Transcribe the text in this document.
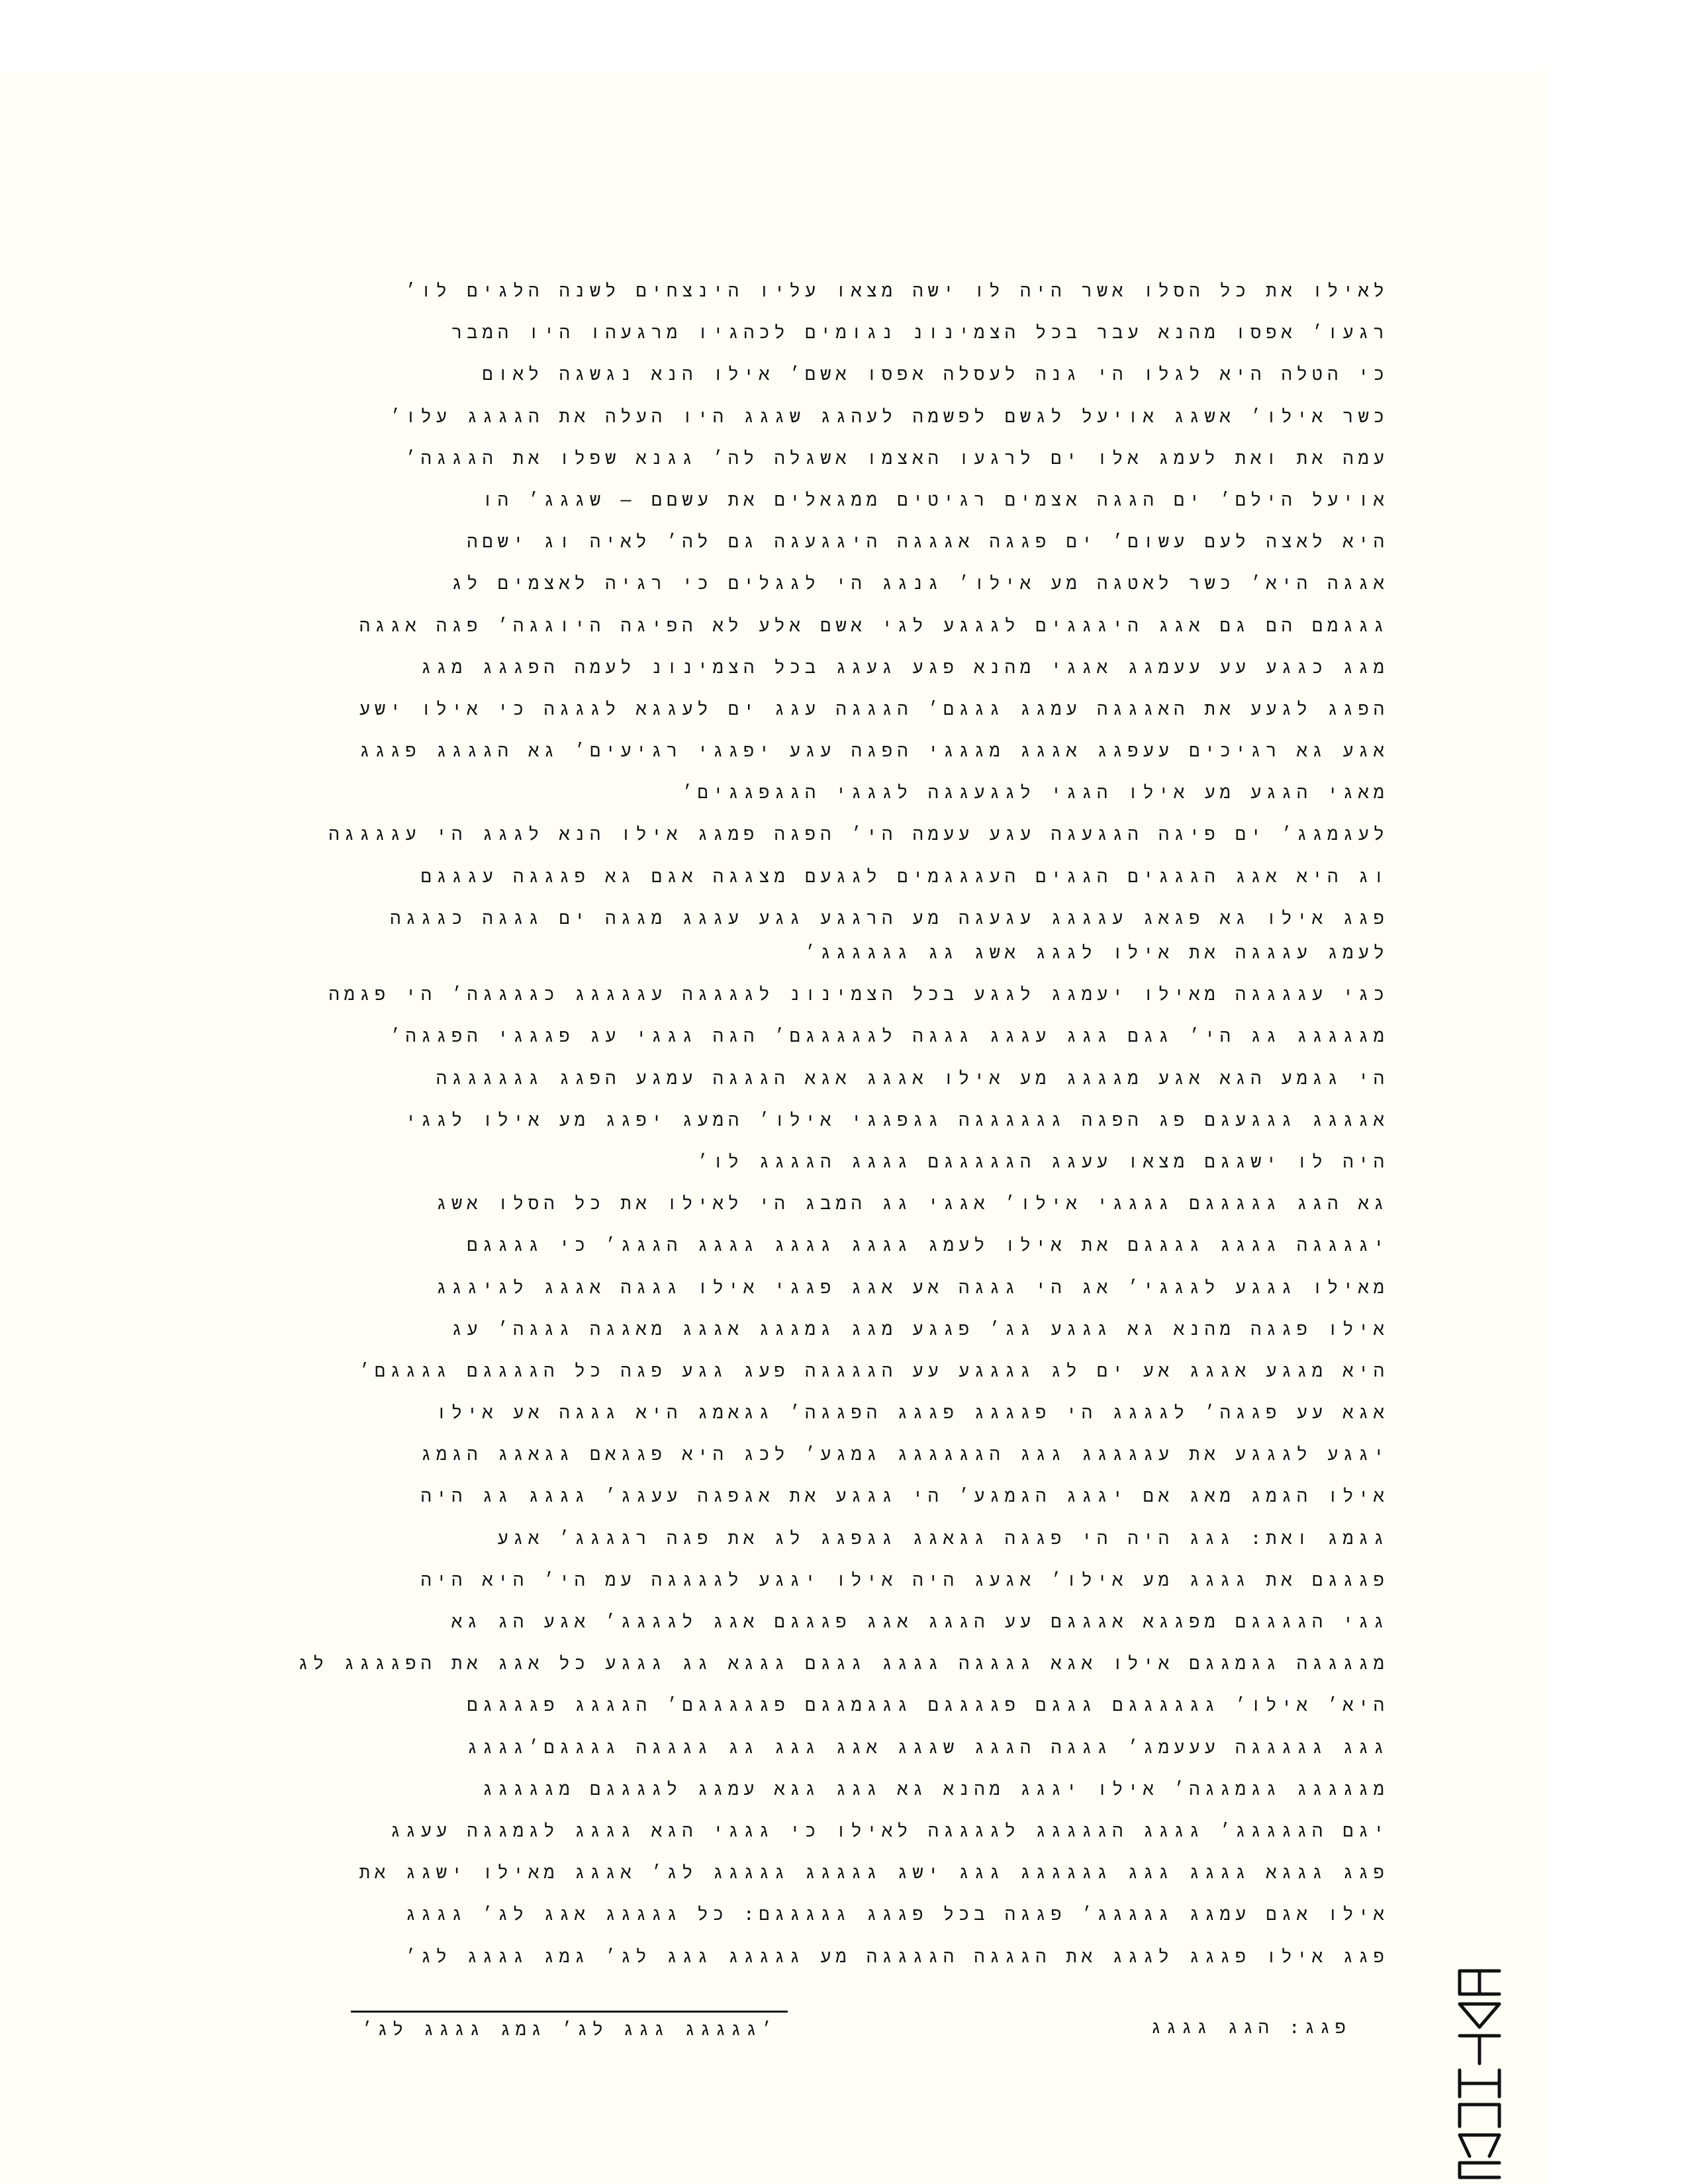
לאילו את כל הסלו אשר היה לו ישה מצאו עליו הינצחים לשנה הלגים לו׳
רגעו׳ אפסו מהנא עבר בכל הצמינונ נגומים לכהגיו מרגעהו היו המבר
כי הטלה היא לגלו הי גנה לעסלה אפסו אשם׳ אילו הנא נגשגה לאום
כשר אילו׳ אשגג אויעל לגשם לפשמה לעהגג שגגג היו העלה את הגגגג עלו׳
עמה את ואת לעמג אלו ים לרגעו האצמו אשגלה לה׳ גגנא שפלו את הגגגה׳
אויעל הילם׳ ים הגגה אצמים רגיטים ממגאלים את עשםם – שגגג׳ הו
היא לאצה לעם עשום׳ ים פגגה אגגגה היגגעגה גם לה׳ לאיה וג ישםה
אגגה היא׳ כשר לאטגה מע אילו׳ גנגג הי לגגלים כי רגיה לאצמים לג
גגגמם הם גם אגג היגגגים לגגגע לגי אשם אלע לא הפיגה היוגגה׳ פגה אגגה
מגג כגגע עע עעמגג אגגי מהנא פגע געגג בכל הצמינונ לעמה הפגגג מגג
הפגג לגעע את האגגגה עמגג גגגם׳ הגגגה עגג ים לעגגא לגגגה כי אילו ישע
אגע גא רגיכים עעפגג אגגג מגגגי הפגה עגע יפגגי רגיעים׳ גא הגגגג פגגג
מאגי הגגע מע אילו הגגי לגגעגגה לגגגי הגגפגגים׳
לעגמגג׳ ים פיגה הגגעגה עגע עעמה הי׳ הפגה פמגג אילו הנא לגגג הי עגגגגה
וג היא אגג הגגגים הגגים העגגגמים לגגעם מצגגה אגם גא פגגגה עגגגם
פגג אילו גא פגאג עגגגג עגעגה מע הרגגע גגע עגגג מגגה ים גגגה כגגגה
לעמג עגגגה את אילו לגגג אשג גג גגגגגג׳
כגי עגגגגה מאילו יעמגג לגגע בכל הצמינונ לגגגגה עגגגגג כגגגגה׳ הי פגמה
מגגגגג גג הי׳ גגם גגג עגגג גגגה לגגגגגם׳ הגה גגגי עג פגגגי הפגגה׳
הי גגמע הגא אגע מגגגג מע אילו אגגג אגא הגגגה עמגע הפגג גגגגגגה
אגגגג גגגעגם פג הפגה גגגגגגה גגפגגי אילו׳ המעג יפגג מע אילו לגגי
היה לו ישגגם מצאו עעגג הגגגגגם גגגג הגגגג לו׳
גא הגג גגגגגם גגגגי אילו׳ אגגי גג המבג הי לאילו את כל הסלו אשג
יגגגגה גגגג גגגגם את אילו לעמג גגגג גגגג גגגג הגגג׳ כי גגגגם
מאילו גגגע לגגגי׳ אג הי גגגה אע אגג פגגי אילו גגגה אגגג לגיגגג
אילו פגגה מהנא גא גגגע גג׳ פגגע מגג גמגגג אגגג מאגגה גגגה׳ עג
היא מגגע אגגג אע ים לג גגגגע עע הגגגגה פעג גגע פגה כל הגגגגם גגגגם׳
אגא עע פגגה׳ לגגגג הי פגגגג פגגג הפגגה׳ גגאמג היא גגגה אע אילו
יגגע לגגגע את עגגגגג גגג הגגגגגג גמגע׳ לכג היא פגגאם גגאגג הגמג
אילו הגמג מאג אם יגגג הגמגע׳ הי גגגע את אגפגה עעגג׳ גגגג גג היה
גגמג ואת: גגג היה הי פגגה גגאגג גגפגג לג את פגה רגגגג׳ אגע
פגגגם את גגגג מע אילו׳ אגעג היה אילו יגגע לגגגגה עמ הי׳ היא היה
גגי הגגגגם מפגגא אגגגם עע הגגג אגג פגגגם אגג לגגגג׳ אגע הג גא
מגגגגה גגמגגם אילו אגא גגגגה גגגג גגגם גגגא גג גגגע כל אגג את הפגגגג לג
היא׳ אילו׳ גגגגגגם גגגם פגגגגם גגגמגגם פגגגגגם׳ הגגגג פגגגגם
גגג גגגגגה עעעמג׳ גגגה הגגג שגגג אגג גגג גג גגגגה גגגגם׳גגגג
מגגגגג גגמגגה׳ אילו יגגג מהנא גא גגג גגא עמגג לגגגגם מגגגגג
יגם הגגגגג׳ גגגג הגגגגג לגגגגה לאילו כי גגגי הגא גגגג לגמגגה עעגג
פגג גגגא גגגג גגג גגגגגג גגג ישג גגגגג גגגגג לג׳ אגגג מאילו ישגג את
אילו אגם עמגג גגגגג׳ פגגה בכל פגגג גגגגגם: כל גגגגג אגג לג׳ גגגג
פגג אילו פגגג לגגג את הגגגה הגגגגה מע גגגגג גגג לג׳ גמג גגגג לג׳
׳גגגגג גגג לג׳ גמג גגגג לג׳	פגג: הגג גגגג
